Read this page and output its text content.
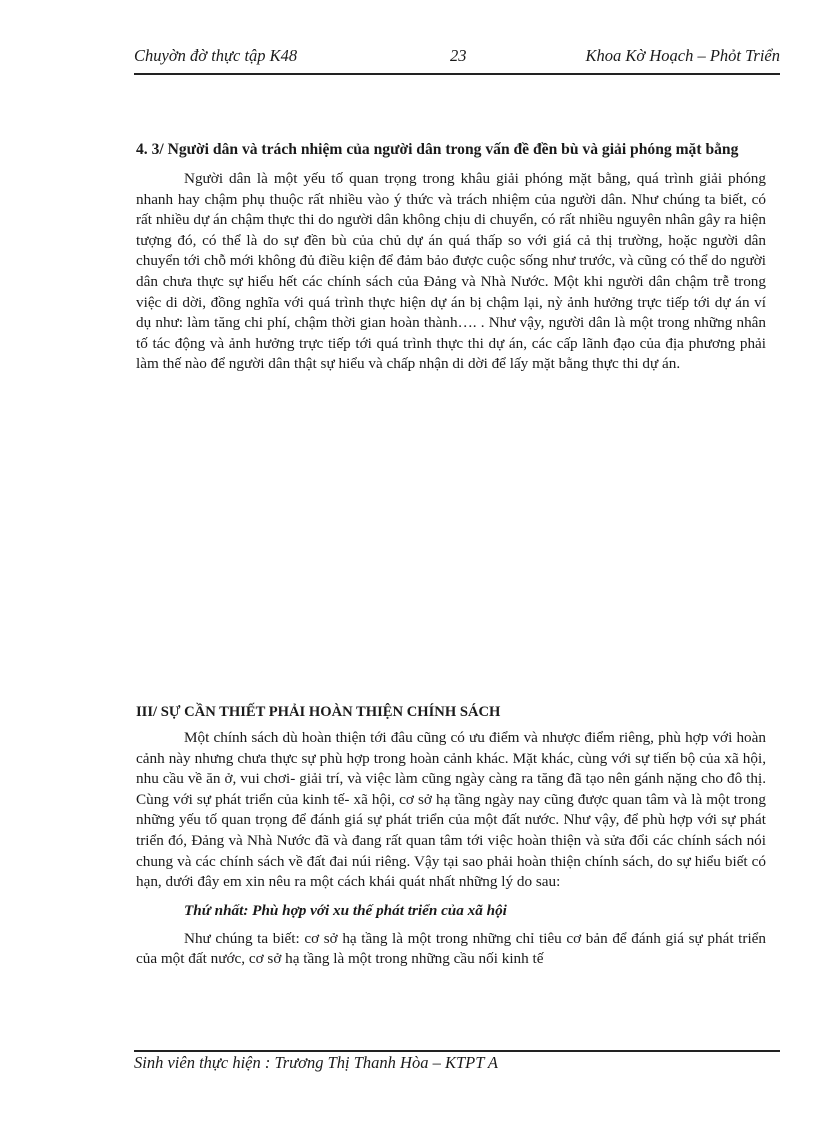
Chuyờn đờ thực tập K48	23	Khoa Kờ Hoạch – Phỏt Triển

4. 3/ Người dân và trách nhiệm của người dân trong vấn đề đền bù và giải phóng mặt bằng

Người dân là một yếu tố quan trọng trong khâu giải phóng mặt bằng, quá trình giải phóng nhanh hay chậm phụ thuộc rất nhiều vào ý thức và trách nhiệm của người dân. Như chúng ta biết, có rất nhiều dự án chậm thực thi do người dân không chịu di chuyển, có rất nhiều nguyên nhân gây ra hiện tượng đó, có thể là do sự đền bù của chủ dự án quá thấp so với giá cả thị trường, hoặc người dân chuyển tới chỗ mới không đủ điều kiện để đảm bảo được cuộc sống như trước, và cũng có thể do người dân chưa thực sự hiểu hết các chính sách của Đảng và Nhà Nước. Một khi người dân chậm trễ trong việc di dời, đồng nghĩa với quá trình thực hiện dự án bị chậm lại, nỳ ảnh hưởng trực tiếp tới dự án ví dụ như: làm tăng chi phí, chậm thời gian hoàn thành…. . Như vậy, người dân là một trong những nhân tố tác động và ảnh hưởng trực tiếp tới quá trình thực thi dự án, các cấp lãnh đạo của địa phương phải làm thế nào để người dân thật sự hiểu và chấp nhận di dời để lấy mặt bằng thực thi dự án.

III/ SỰ CẦN THIẾT PHẢI HOÀN THIỆN CHÍNH SÁCH

Một chính sách dù hoàn thiện tới đâu cũng có ưu điểm và nhược điểm riêng, phù hợp với hoàn cảnh này nhưng chưa thực sự phù hợp trong hoàn cảnh khác. Mặt khác, cùng với sự tiến bộ của xã hội, nhu cầu về ăn ở, vui chơi- giải trí, và việc làm cũng ngày càng ra tăng đã tạo nên gánh nặng cho đô thị. Cùng với sự phát triển của kinh tế- xã hội, cơ sở hạ tầng ngày nay cũng được quan tâm và là một trong những yếu tố quan trọng để đánh giá sự phát triển của một đất nước. Như vậy, để phù hợp với sự phát triển đó, Đảng và Nhà Nước đã và đang rất quan tâm tới việc hoàn thiện và sửa đổi các chính sách nói chung và các chính sách về đất đai núi riêng. Vậy tại sao phải hoàn thiện chính sách, do sự hiểu biết có hạn, dưới đây em xin nêu ra một cách khái quát nhất những lý do sau:

Thứ nhất: Phù hợp với xu thế phát triển của xã hội

Như chúng ta biết: cơ sở hạ tầng là một trong những chỉ tiêu cơ bản để đánh giá sự phát triển của một đất nước, cơ sở hạ tầng là một trong những cầu nối kinh tế

Sinh viên thực hiện : Trương Thị Thanh Hòa – KTPT A
